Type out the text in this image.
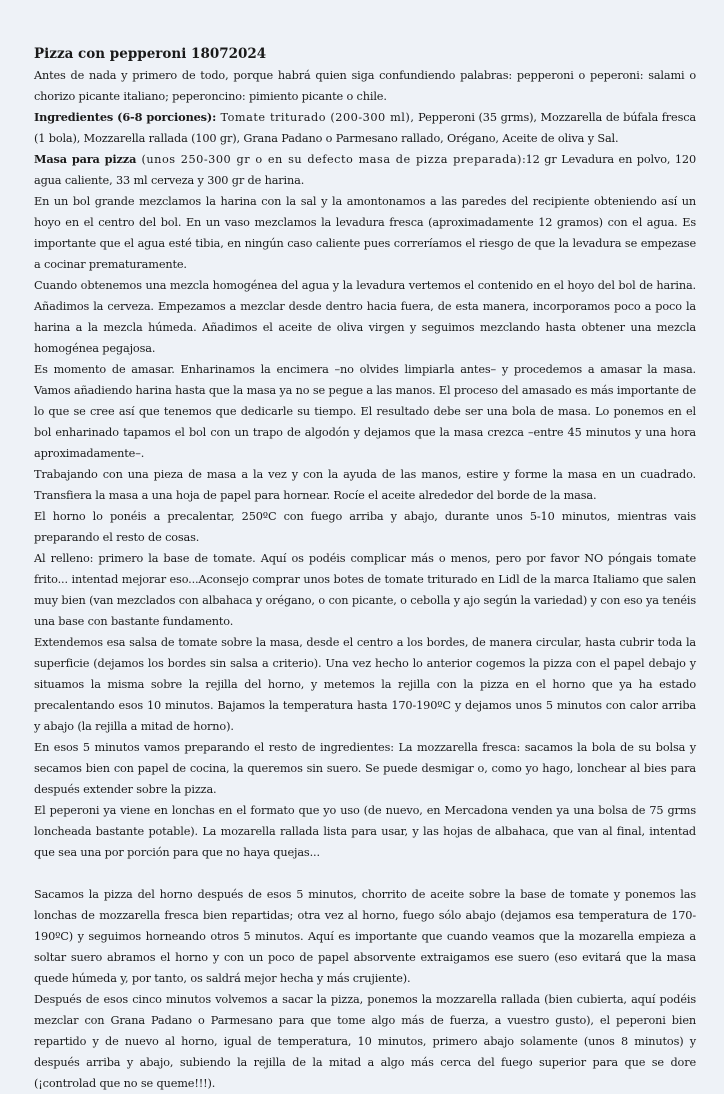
Pizza con pepperoni 18072024

Antes de nada y primero de todo, porque habrá quien siga confundiendo palabras: pepperoni o peperoni: salami o chorizo picante italiano; peperoncino: pimiento picante o chile.

Ingredientes (6-8 porciones): Tomate triturado (200-300 ml), Pepperoni (35 grms), Mozzarella de búfala fresca (1 bola), Mozzarella rallada (100 gr), Grana Padano o Parmesano rallado, Orégano, Aceite de oliva y Sal.

Masa para pizza (unos 250-300 gr o en su defecto masa de pizza preparada):12 gr Levadura en polvo, 120 agua caliente, 33 ml cerveza y 300 gr de harina.

En un bol grande mezclamos la harina con la sal y la amontonamos a las paredes del recipiente obteniendo así un hoyo en el centro del bol. En un vaso mezclamos la levadura fresca (aproximadamente 12 gramos) con el agua. Es importante que el agua esté tibia, en ningún caso caliente pues correríamos el riesgo de que la levadura se empezase a cocinar prematuramente.

Cuando obtenemos una mezcla homogénea del agua y la levadura vertemos el contenido en el hoyo del bol de harina. Añadimos la cerveza. Empezamos a mezclar desde dentro hacia fuera, de esta manera, incorporamos poco a poco la harina a la mezcla húmeda. Añadimos el aceite de oliva virgen y seguimos mezclando hasta obtener una mezcla homogénea pegajosa.

Es momento de amasar. Enharinamos la encimera –no olvides limpiarla antes– y procedemos a amasar la masa. Vamos añadiendo harina hasta que la masa ya no se pegue a las manos. El proceso del amasado es más importante de lo que se cree así que tenemos que dedicarle su tiempo. El resultado debe ser una bola de masa. Lo ponemos en el bol enharinado tapamos el bol con un trapo de algodón y dejamos que la masa crezca –entre 45 minutos y una hora aproximadamente–.

Trabajando con una pieza de masa a la vez y con la ayuda de las manos, estire y forme la masa en un cuadrado. Transfiera la masa a una hoja de papel para hornear. Rocíe el aceite alrededor del borde de la masa.

El horno lo ponéis a precalentar, 250ºC con fuego arriba y abajo, durante unos 5-10 minutos, mientras vais preparando el resto de cosas.

Al relleno: primero la base de tomate. Aquí os podéis complicar más o menos, pero por favor NO póngais tomate frito... intentad mejorar eso...Aconsejo comprar unos botes de tomate triturado en Lidl de la marca Italiamo que salen muy bien (van mezclados con albahaca y orégano, o con picante, o cebolla y ajo según la variedad) y con eso ya tenéis una base con bastante fundamento.

Extendemos esa salsa de tomate sobre la masa, desde el centro a los bordes, de manera circular, hasta cubrir toda la superficie (dejamos los bordes sin salsa a criterio). Una vez hecho lo anterior cogemos la pizza con el papel debajo y situamos la misma sobre la rejilla del horno, y metemos la rejilla con la pizza en el horno que ya ha estado precalentando esos 10 minutos. Bajamos la temperatura hasta 170-190ºC y dejamos unos 5 minutos con calor arriba y abajo (la rejilla a mitad de horno).

En esos 5 minutos vamos preparando el resto de ingredientes: La mozzarella fresca: sacamos la bola de su bolsa y secamos bien con papel de cocina, la queremos sin suero. Se puede desmigar o, como yo hago, lonchear al bies para después extender sobre la pizza.

El peperoni ya viene en lonchas en el formato que yo uso (de nuevo, en Mercadona venden ya una bolsa de 75 grms loncheada bastante potable). La mozarella rallada lista para usar, y las hojas de albahaca, que van al final, intentad que sea una por porción para que no haya quejas...

Sacamos la pizza del horno después de esos 5 minutos, chorrito de aceite sobre la base de tomate y ponemos las lonchas de mozzarella fresca bien repartidas; otra vez al horno, fuego sólo abajo (dejamos esa temperatura de 170-190ºC) y seguimos horneando otros 5 minutos. Aquí es importante que cuando veamos que la mozarella empieza a soltar suero abramos el horno y con un poco de papel absorvente extraigamos ese suero (eso evitará que la masa quede húmeda y, por tanto, os saldrá mejor hecha y más crujiente).

Después de esos cinco minutos volvemos a sacar la pizza, ponemos la mozzarella rallada (bien cubierta, aquí podéis mezclar con Grana Padano o Parmesano para que tome algo más de fuerza, a vuestro gusto), el peperoni bien repartido y de nuevo al horno, igual de temperatura, 10 minutos, primero abajo solamente (unos 8 minutos) y después arriba y abajo, subiendo la rejilla de la mitad a algo más cerca del fuego superior para que se dore (¡controlad que no se queme!!!).
